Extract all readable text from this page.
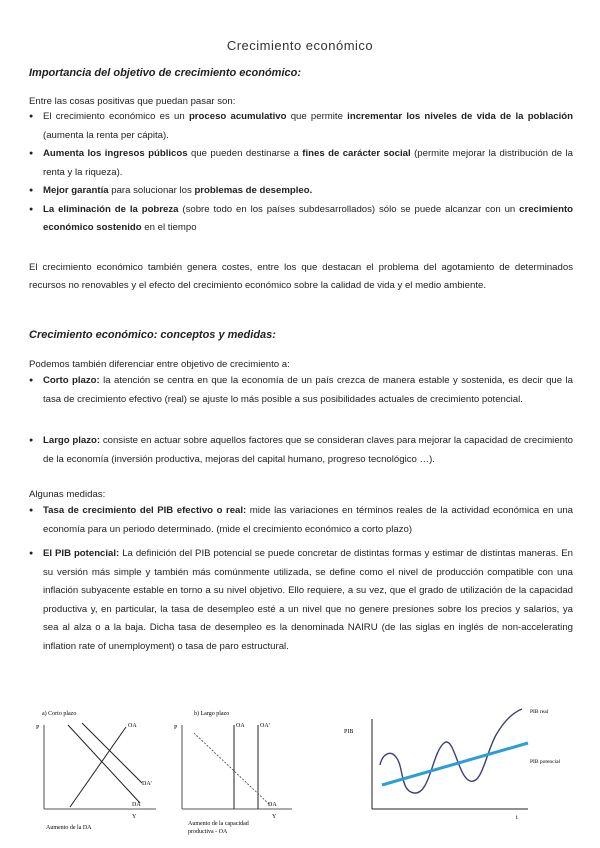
Crecimiento económico
Importancia del objetivo de crecimiento económico:
Entre las cosas positivas que puedan pasar son:
● El crecimiento económico es un proceso acumulativo que permite incrementar los niveles de vida de la población (aumenta la renta per cápita).
● Aumenta los ingresos públicos que pueden destinarse a fines de carácter social (permite mejorar la distribución de la renta y la riqueza).
● Mejor garantía para solucionar los problemas de desempleo.
● La eliminación de la pobreza (sobre todo en los países subdesarrollados) sólo se puede alcanzar con un crecimiento económico sostenido en el tiempo
El crecimiento económico también genera costes, entre los que destacan el problema del agotamiento de determinados recursos no renovables y el efecto del crecimiento económico sobre la calidad de vida y el medio ambiente.
Crecimiento económico: conceptos y medidas:
Podemos también diferenciar entre objetivo de crecimiento a:
● Corto plazo: la atención se centra en que la economía de un país crezca de manera estable y sostenida, es decir que la tasa de crecimiento efectivo (real) se ajuste lo más posible a sus posibilidades actuales de crecimiento potencial.
● Largo plazo: consiste en actuar sobre aquellos factores que se consideran claves para mejorar la capacidad de crecimiento de la economía (inversión productiva, mejoras del capital humano, progreso tecnológico …).
Algunas medidas:
● Tasa de crecimiento del PIB efectivo o real: mide las variaciones en términos reales de la actividad económica en una economía para un periodo determinado. (mide el crecimiento económico a corto plazo)
● El PIB potencial: La definición del PIB potencial se puede concretar de distintas formas y estimar de distintas maneras. En su versión más simple y también más comúnmente utilizada, se define como el nivel de producción compatible con una inflación subyacente estable en torno a su nivel objetivo. Ello requiere, a su vez, que el grado de utilización de la capacidad productiva y, en particular, la tasa de desempleo esté a un nivel que no genere presiones sobre los precios y salarios, ya sea al alza o a la baja. Dicha tasa de desempleo es la denominada NAIRU (de las siglas en inglés de non-accelerating inflation rate of unemployment) o tasa de paro estructural.
a) Corto plazo
P	OA
DA'
DA
Y
Aumento de la DA
b) Largo plazo
P	OA	OA'
DA
Y
Aumento de la capacidad
productiva - OA
PIB
PIB real
PIB potencial
t
